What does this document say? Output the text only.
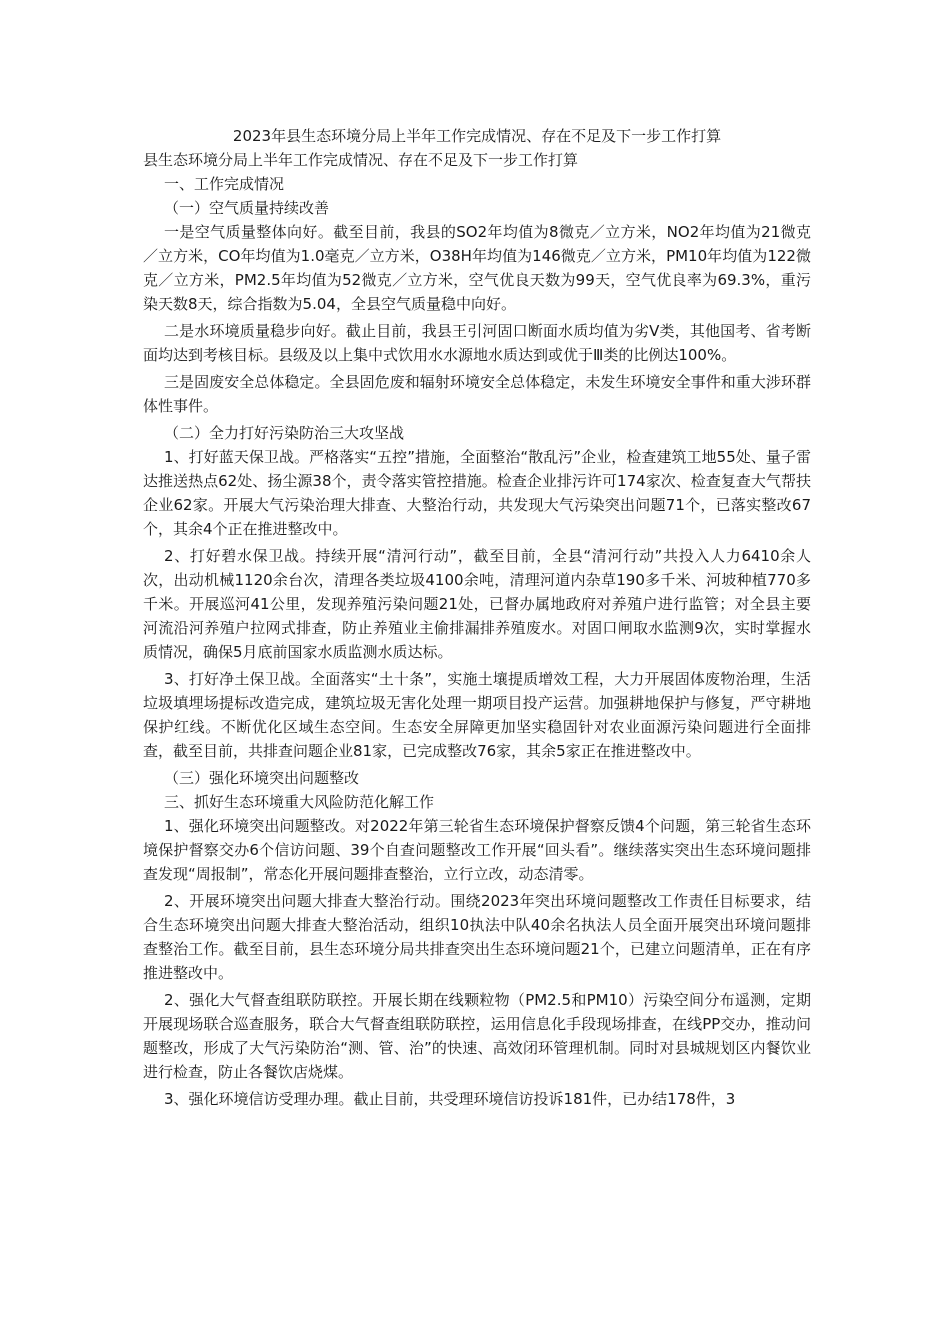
2023年县生态环境分局上半年工作完成情况、存在不足及下一步工作打算

县生态环境分局上半年工作完成情况、存在不足及下一步工作打算

一、工作完成情况

（一）空气质量持续改善

一是空气质量整体向好。截至目前，我县的SO2年均值为8微克／立方米，NO2年均值为21微克／立方米，CO年均值为1.0毫克／立方米，O38H年均值为146微克／立方米，PM10年均值为122微克／立方米，PM2.5年均值为52微克／立方米，空气优良天数为99天，空气优良率为69.3%，重污染天数8天，综合指数为5.04，全县空气质量稳中向好。

二是水环境质量稳步向好。截止目前，我县王引河固口断面水质均值为劣V类，其他国考、省考断面均达到考核目标。县级及以上集中式饮用水水源地水质达到或优于Ⅲ类的比例达100%。

三是固废安全总体稳定。全县固危废和辐射环境安全总体稳定，未发生环境安全事件和重大涉环群体性事件。

（二）全力打好污染防治三大攻坚战

1、打好蓝天保卫战。严格落实“五控”措施，全面整治“散乱污”企业，检查建筑工地55处、量子雷达推送热点62处、扬尘源38个，责令落实管控措施。检查企业排污许可174家次、检查复查大气帮扶企业62家。开展大气污染治理大排查、大整治行动，共发现大气污染突出问题71个，已落实整改67个，其余4个正在推进整改中。

2、打好碧水保卫战。持续开展“清河行动”，截至目前，全县“清河行动”共投入人力6410余人次，出动机械1120余台次，清理各类垃圾4100余吨，清理河道内杂草190多千米、河坡种植770多千米。开展巡河41公里，发现养殖污染问题21处，已督办属地政府对养殖户进行监管；对全县主要河流沿河养殖户拉网式排查，防止养殖业主偷排漏排养殖废水。对固口闸取水监测9次，实时掌握水质情况，确保5月底前国家水质监测水质达标。

3、打好净土保卫战。全面落实“土十条”，实施土壤提质增效工程，大力开展固体废物治理，生活垃圾填埋场提标改造完成，建筑垃圾无害化处理一期项目投产运营。加强耕地保护与修复，严守耕地保护红线。不断优化区域生态空间。生态安全屏障更加坚实稳固针对农业面源污染问题进行全面排查，截至目前，共排查问题企业81家，已完成整改76家，其余5家正在推进整改中。

（三）强化环境突出问题整改

三、抓好生态环境重大风险防范化解工作

1、强化环境突出问题整改。对2022年第三轮省生态环境保护督察反馈4个问题，第三轮省生态环境保护督察交办6个信访问题、39个自查问题整改工作开展“回头看”。继续落实突出生态环境问题排查发现“周报制”，常态化开展问题排查整治，立行立改，动态清零。

2、开展环境突出问题大排查大整治行动。围绕2023年突出环境问题整改工作责任目标要求，结合生态环境突出问题大排查大整治活动，组织10执法中队40余名执法人员全面开展突出环境问题排查整治工作。截至目前，县生态环境分局共排查突出生态环境问题21个，已建立问题清单，正在有序推进整改中。

2、强化大气督查组联防联控。开展长期在线颗粒物（PM2.5和PM10）污染空间分布遥测，定期开展现场联合巡查服务，联合大气督查组联防联控，运用信息化手段现场排查，在线PP交办，推动问题整改，形成了大气污染防治“测、管、治”的快速、高效闭环管理机制。同时对县城规划区内餐饮业进行检查，防止各餐饮店烧煤。

3、强化环境信访受理办理。截止目前，共受理环境信访投诉181件，已办结178件，3
